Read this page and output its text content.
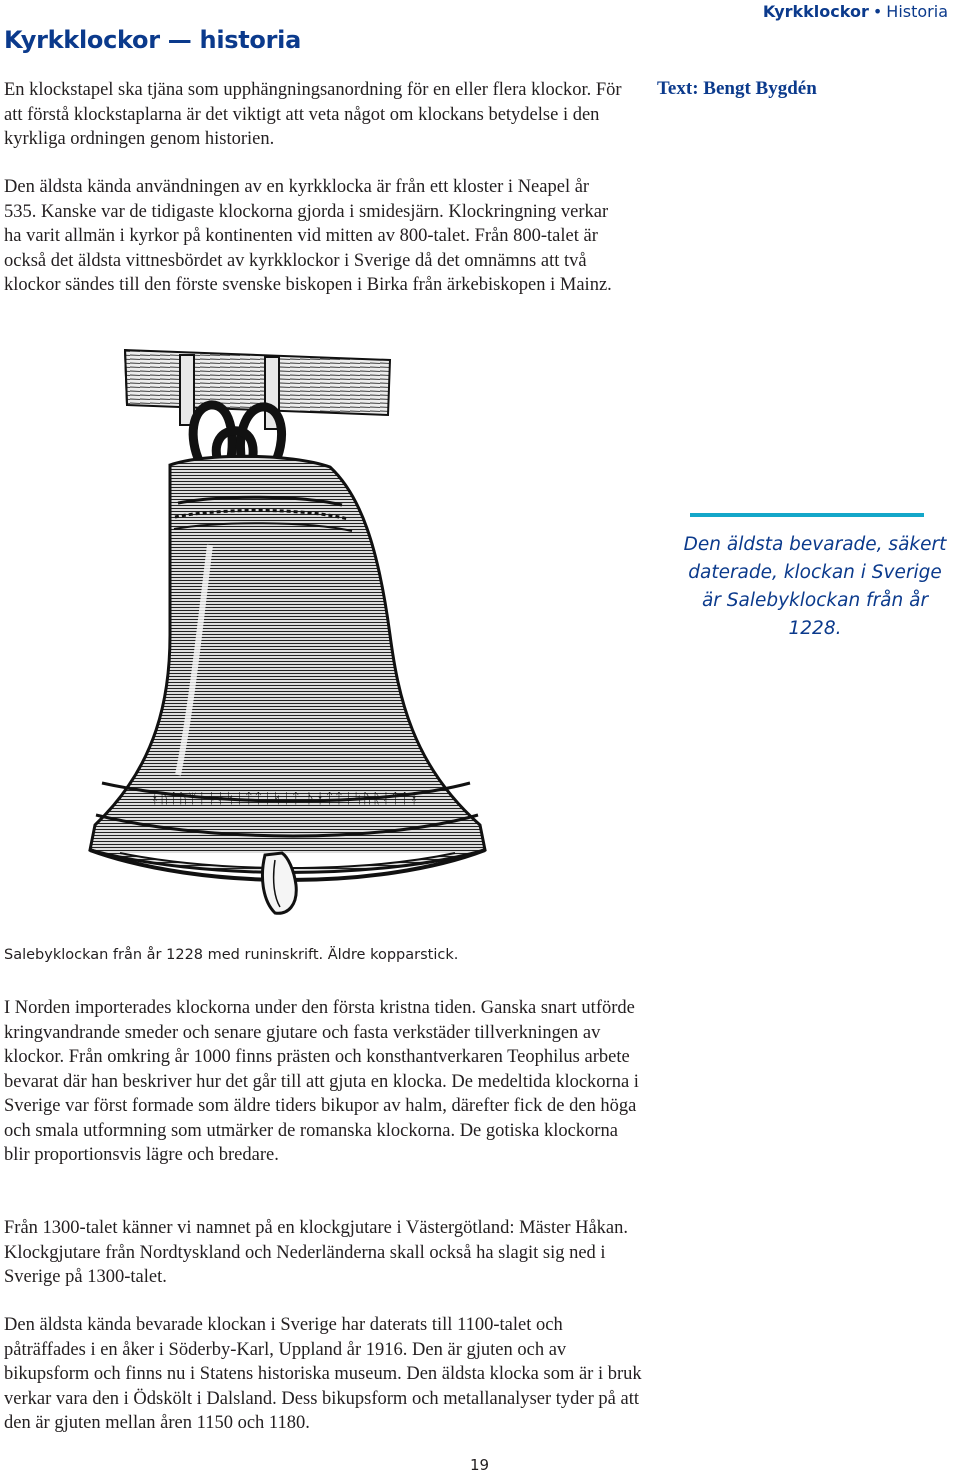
Kyrkklockor — historia
Kyrkklockor • Historia
Text: Bengt Bygdén

En klockstapel ska tjäna som upphängningsanordning för en eller flera klockor. För att förstå klockstaplarna är det viktigt att veta något om klockans betydelse i den kyrkliga ordningen genom historien.

Den äldsta kända användningen av en kyrkklocka är från ett kloster i Neapel år 535. Kanske var de tidigaste klockorna gjorda i smidesjärn. Klockringning verkar ha varit allmän i kyrkor på kontinenten vid mitten av 800-talet. Från 800-talet är också det äldsta vittnesbördet av kyrkklockor i Sverige då det omnämns att två klockor sändes till den förste svenske biskopen i Birka från ärkebiskopen i Mainz.

ᚼᚢᛏᚢᛘᛁᚾᛅᛋᛁᛏᛏᛁᛋᛁᛏ ᚦᚼᛏᛏᛁᛋᚢᚱᛅᛏᛏᚼ
Salebyklockan från år 1228 med runinskrift. Äldre kopparstick.
Den äldsta bevarade, säkert daterade, klockan i Sverige är Salebyklockan från år 1228.

I Norden importerades klockorna under den första kristna tiden. Ganska snart utförde kringvandrande smeder och senare gjutare och fasta verkstäder tillverkningen av klockor. Från omkring år 1000 finns prästen och konsthantverkaren Teophilus arbete bevarat där han beskriver hur det går till att gjuta en klocka. De medeltida klockorna i Sverige var först formade som äldre tiders bikupor av halm, därefter fick de den höga och smala utformning som utmärker de romanska klockorna. De gotiska klockorna blir proportionsvis lägre och bredare.

Från 1300-talet känner vi namnet på en klockgjutare i Västergötland: Mäster Håkan. Klockgjutare från Nordtyskland och Nederländerna skall också ha slagit sig ned i Sverige på 1300-talet.

Den äldsta kända bevarade klockan i Sverige har daterats till 1100-talet och påträffades i en åker i Söderby-Karl, Uppland år 1916. Den är gjuten och av bikupsform och finns nu i Statens historiska museum. Den äldsta klocka som är i bruk verkar vara den i Ödskölt i Dalsland. Dess bikupsform och metallanalyser tyder på att den är gjuten mellan åren 1150 och 1180.

19
